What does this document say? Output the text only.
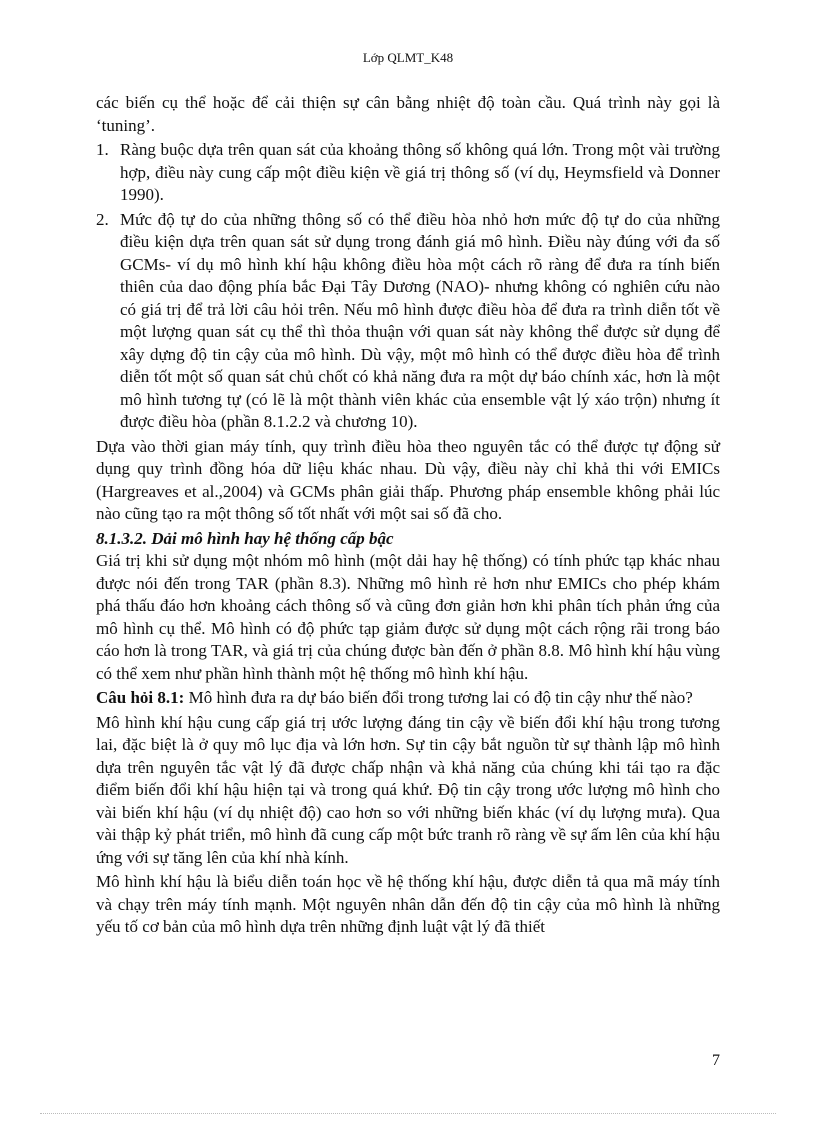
Lớp QLMT_K48

các biến cụ thể hoặc để cải thiện sự cân bằng nhiệt độ toàn cầu. Quá trình này gọi là ‘tuning’.

1. Ràng buộc dựa trên quan sát của khoảng thông số không quá lớn. Trong một vài trường hợp, điều này cung cấp một điều kiện về giá trị thông số (ví dụ, Heymsfield và Donner 1990).
2. Mức độ tự do của những thông số có thể điều hòa nhỏ hơn mức độ tự do của những điều kiện dựa trên quan sát sử dụng trong đánh giá mô hình. Điều này đúng với đa số GCMs- ví dụ mô hình khí hậu không điều hòa một cách rõ ràng để đưa ra tính biến thiên của dao động phía bắc Đại Tây Dương (NAO)- nhưng không có nghiên cứu nào có giá trị để trả lời câu hỏi trên. Nếu mô hình được điều hòa để đưa ra trình diễn tốt về một lượng quan sát cụ thể thì thỏa thuận với quan sát này không thể được sử dụng để xây dựng độ tin cậy của mô hình. Dù vậy, một mô hình có thể được điều hòa để trình diễn tốt một số quan sát chủ chốt có khả năng đưa ra một dự báo chính xác, hơn là một mô hình tương tự (có lẽ là một thành viên khác của ensemble vật lý xáo trộn) nhưng ít được điều hòa (phần 8.1.2.2 và chương 10).

Dựa vào thời gian máy tính, quy trình điều hòa theo nguyên tắc có thể được tự động sử dụng quy trình đồng hóa dữ liệu khác nhau. Dù vậy, điều này chỉ khả thi với EMICs (Hargreaves et al.,2004) và GCMs phân giải thấp. Phương pháp ensemble không phải lúc nào cũng tạo ra một thông số tốt nhất với một sai số đã cho.

8.1.3.2. Dải mô hình hay hệ thống cấp bậc

Giá trị khi sử dụng một nhóm mô hình (một dải hay hệ thống) có tính phức tạp khác nhau được nói đến trong TAR (phần 8.3). Những mô hình rẻ hơn như EMICs cho phép khám phá thấu đáo hơn khoảng cách thông số và cũng đơn giản hơn khi phân tích phản ứng của mô hình cụ thể. Mô hình có độ phức tạp giảm được sử dụng một cách rộng rãi trong báo cáo hơn là trong TAR, và giá trị của chúng được bàn đến ở phần 8.8. Mô hình khí hậu vùng có thể xem như phần hình thành một hệ thống mô hình khí hậu.

Câu hỏi 8.1: Mô hình đưa ra dự báo biến đổi trong tương lai có độ tin cậy như thế nào?

Mô hình khí hậu cung cấp giá trị ước lượng đáng tin cậy về biến đổi khí hậu trong tương lai, đặc biệt là ở quy mô lục địa và lớn hơn. Sự tin cậy bắt nguồn từ sự thành lập mô hình dựa trên nguyên tắc vật lý đã được chấp nhận và khả năng của chúng khi tái tạo ra đặc điểm biến đổi khí hậu hiện tại và trong quá khứ. Độ tin cậy trong ước lượng mô hình cho vài biến khí hậu (ví dụ nhiệt độ) cao hơn so với những biến khác (ví dụ lượng mưa). Qua vài thập kỷ phát triển, mô hình đã cung cấp một bức tranh rõ ràng về sự ấm lên của khí hậu ứng với sự tăng lên của khí nhà kính.

Mô hình khí hậu là biểu diễn toán học về hệ thống khí hậu, được diễn tả qua mã máy tính và chạy trên máy tính mạnh. Một nguyên nhân dẫn đến độ tin cậy của mô hình là những yếu tố cơ bản của mô hình dựa trên những định luật vật lý đã thiết

7
